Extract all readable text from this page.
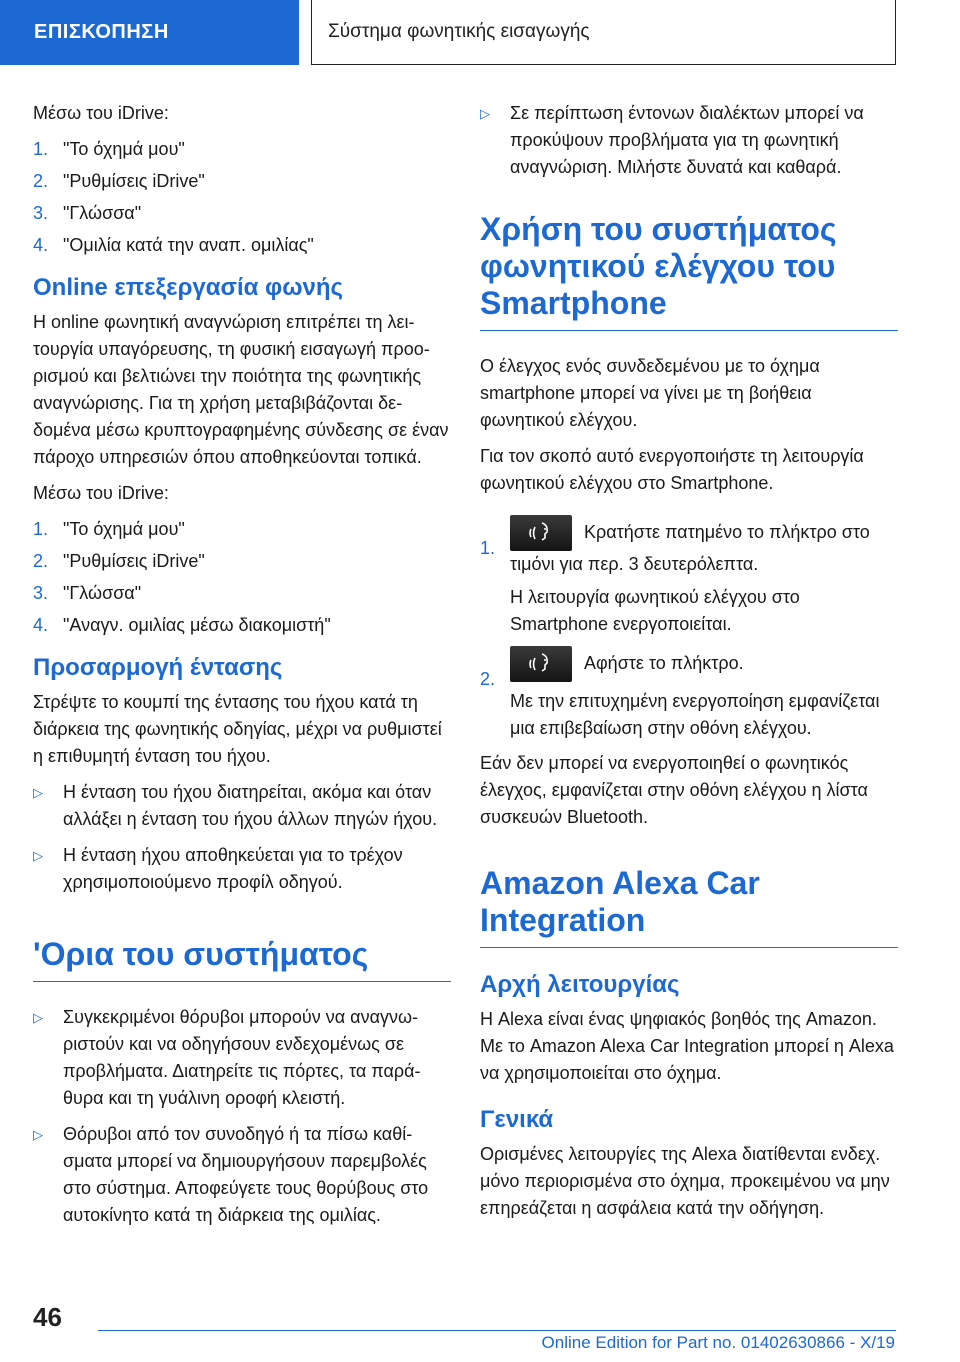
ΕΠΙΣΚΟΠΗΣΗ	Σύστημα φωνητικής εισαγωγής

Μέσω του iDrive:

1. "Το όχημά μου"
2. "Ρυθμίσεις iDrive"
3. "Γλώσσα"
4. "Ομιλία κατά την αναπ. ομιλίας"
Online επεξεργασία φωνής

Η online φωνητική αναγνώριση επιτρέπει τη λειτουργία υπαγόρευσης, τη φυσική εισαγωγή προορισμού και βελτιώνει την ποιότητα της φωνητικής αναγνώρισης. Για τη χρήση μεταβιβάζονται δεδομένα μέσω κρυπτογραφημένης σύνδεσης σε έναν πάροχο υπηρεσιών όπου αποθηκεύονται τοπικά.

Μέσω του iDrive:

1. "Το όχημά μου"
2. "Ρυθμίσεις iDrive"
3. "Γλώσσα"
4. "Αναγν. ομιλίας μέσω διακομιστή"
Προσαρμογή έντασης

Στρέψτε το κουμπί της έντασης του ήχου κατά τη διάρκεια της φωνητικής οδηγίας, μέχρι να ρυθμιστεί η επιθυμητή ένταση του ήχου.

▷	Η ένταση του ήχου διατηρείται, ακόμα και όταν αλλάξει η ένταση του ήχου άλλων πηγών ήχου.
▷	Η ένταση ήχου αποθηκεύεται για το τρέχον χρησιμοποιούμενο προφίλ οδηγού.
'Ορια του συστήματος
▷	Συγκεκριμένοι θόρυβοι μπορούν να αναγνωριστούν και να οδηγήσουν ενδεχομένως σε προβλήματα. Διατηρείτε τις πόρτες, τα παράθυρα και τη γυάλινη οροφή κλειστή.
▷	Θόρυβοι από τον συνοδηγό ή τα πίσω καθίσματα μπορεί να δημιουργήσουν παρεμβολές στο σύστημα. Αποφεύγετε τους θορύβους στο αυτοκίνητο κατά τη διάρκεια της ομιλίας.
▷	Σε περίπτωση έντονων διαλέκτων μπορεί να προκύψουν προβλήματα για τη φωνητική αναγνώριση. Μιλήστε δυνατά και καθαρά.
Χρήση του συστήματος φωνητικού ελέγχου του Smartphone

Ο έλεγχος ενός συνδεδεμένου με το όχημα smartphone μπορεί να γίνει με τη βοήθεια φωνητικού ελέγχου.

Για τον σκοπό αυτό ενεργοποιήστε τη λειτουργία φωνητικού ελέγχου στο Smartphone.

1.
Κρατήστε πατημένο το πλήκτρο στο τιμόνι για περ. 3 δευτερόλεπτα.

Η λειτουργία φωνητικού ελέγχου στο Smartphone ενεργοποιείται.

2.
Αφήστε το πλήκτρο.

Με την επιτυχημένη ενεργοποίηση εμφανίζεται μια επιβεβαίωση στην οθόνη ελέγχου.

Εάν δεν μπορεί να ενεργοποιηθεί ο φωνητικός έλεγχος, εμφανίζεται στην οθόνη ελέγχου η λίστα συσκευών Bluetooth.

Amazon Alexa Car Integration
Αρχή λειτουργίας

Η Alexa είναι ένας ψηφιακός βοηθός της Amazon. Με το Amazon Alexa Car Integration μπορεί η Alexa να χρησιμοποιείται στο όχημα.

Γενικά

Ορισμένες λειτουργίες της Alexa διατίθενται ενδεχ. μόνο περιορισμένα στο όχημα, προκειμένου να μην επηρεάζεται η ασφάλεια κατά την οδήγηση.

46
Online Edition for Part no. 01402630866 - X/19
